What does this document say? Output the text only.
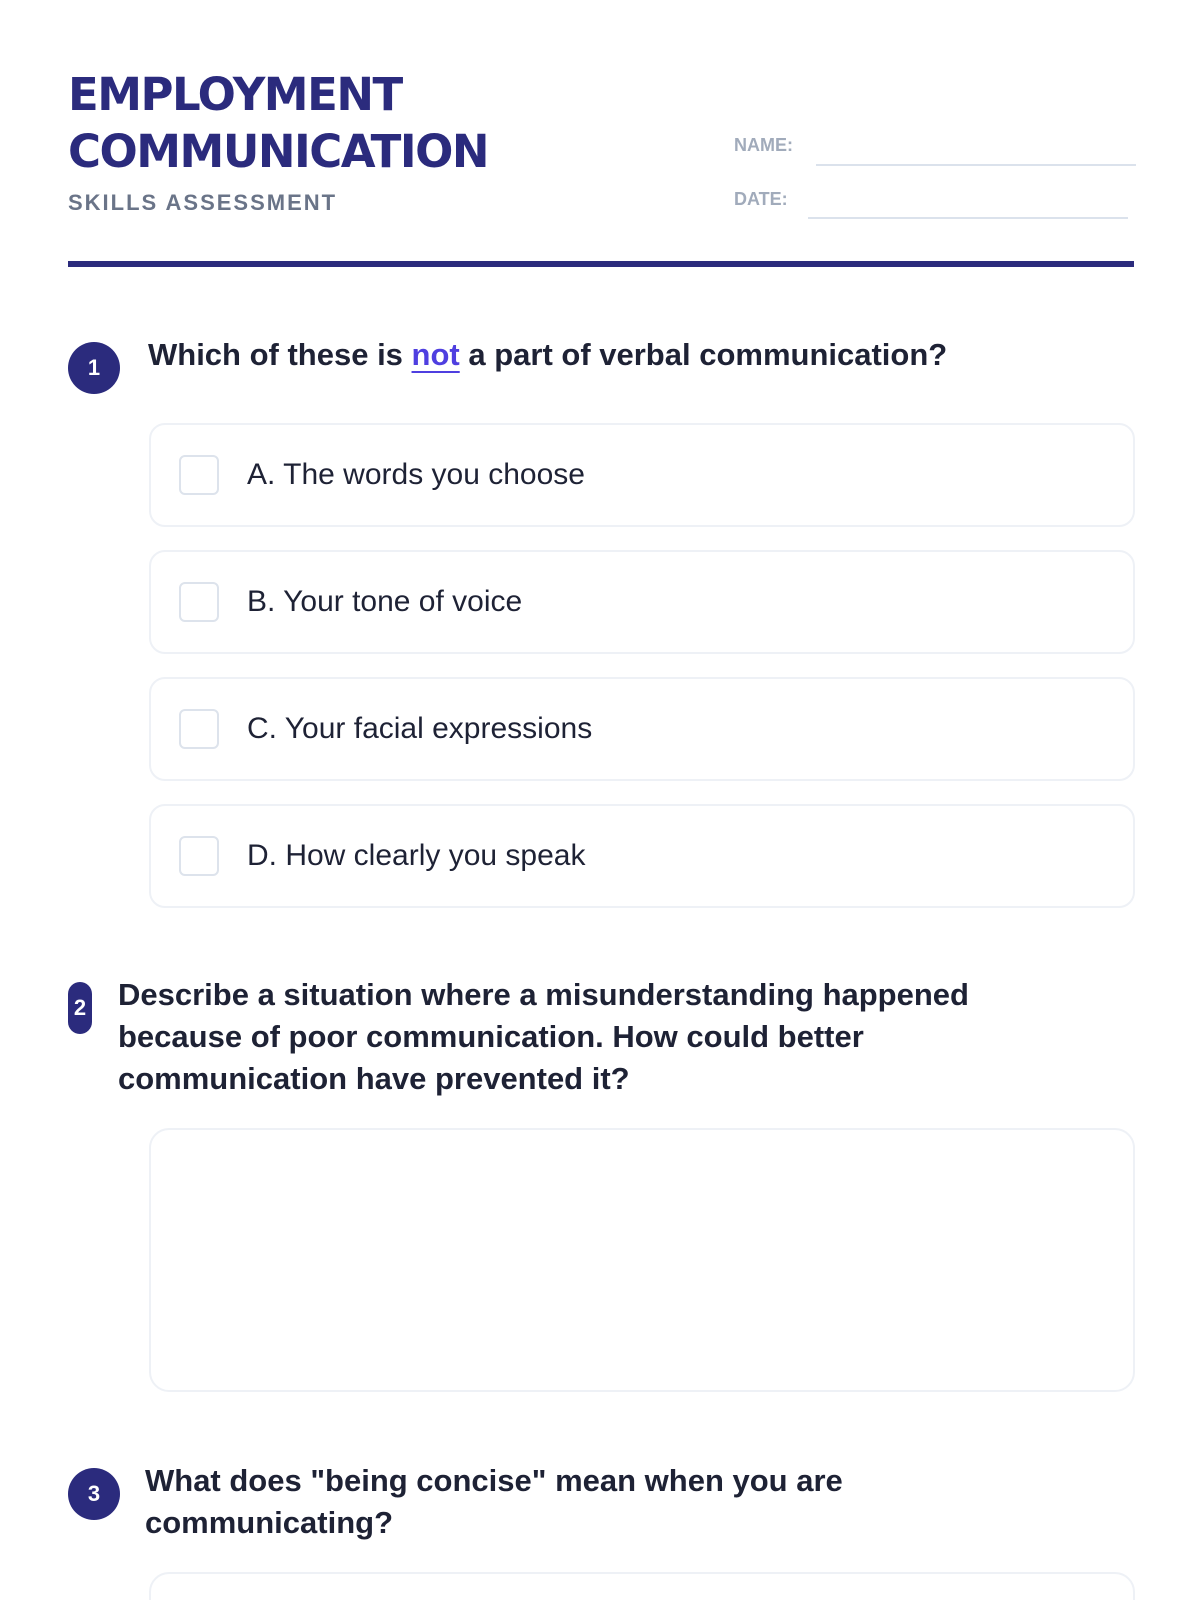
EMPLOYMENT
COMMUNICATION
SKILLS ASSESSMENT
NAME:
DATE:
1	Which of these is not a part of verbal communication?
A. The words you choose
B. Your tone of voice
C. Your facial expressions
D. How clearly you speak
2 Describe a situation where a misunderstanding happened
because of poor communication. How could better
communication have prevented it?
3	What does "being concise" mean when you are
communicating?
